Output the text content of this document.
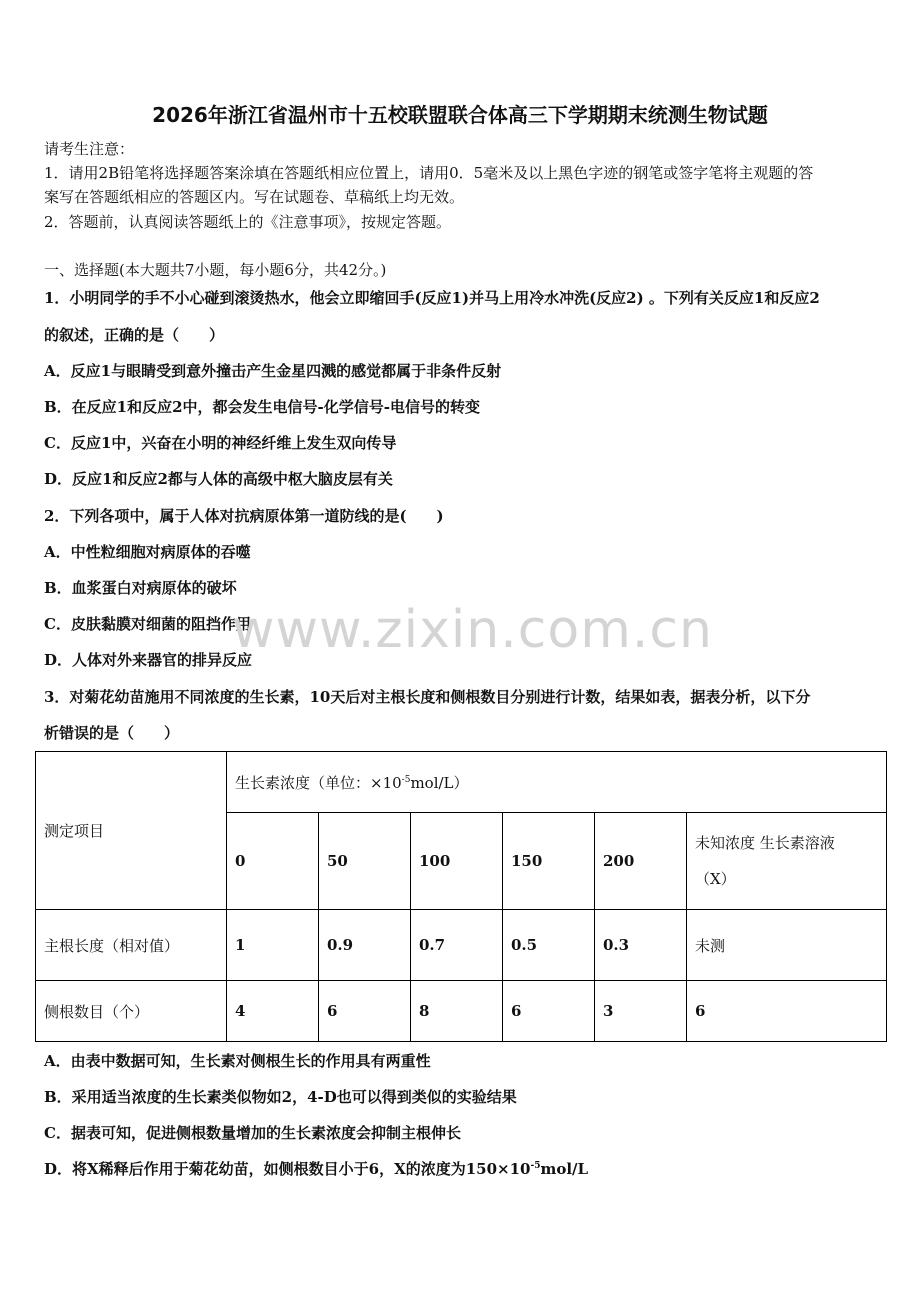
2026年浙江省温州市十五校联盟联合体高三下学期期末统测生物试题
请考生注意：
1．请用2B铅笔将选择题答案涂填在答题纸相应位置上，请用0．5毫米及以上黑色字迹的钢笔或签字笔将主观题的答
案写在答题纸相应的答题区内。写在试题卷、草稿纸上均无效。
2．答题前，认真阅读答题纸上的《注意事项》，按规定答题。
一、选择题(本大题共7小题，每小题6分，共42分。)
1．小明同学的手不小心碰到滚烫热水，他会立即缩回手(反应1)并马上用冷水冲洗(反应2) 。下列有关反应1和反应2
的叙述，正确的是（　　）
A．反应1与眼睛受到意外撞击产生金星四溅的感觉都属于非条件反射
B．在反应1和反应2中，都会发生电信号-化学信号-电信号的转变
C．反应1中，兴奋在小明的神经纤维上发生双向传导
D．反应1和反应2都与人体的高级中枢大脑皮层有关
2．下列各项中，属于人体对抗病原体第一道防线的是(　　)
A．中性粒细胞对病原体的吞噬
B．血浆蛋白对病原体的破坏
C．皮肤黏膜对细菌的阻挡作用
D．人体对外来器官的排异反应
www.zixin.com.cn
3．对菊花幼苗施用不同浓度的生长素，10天后对主根长度和侧根数目分别进行计数，结果如表，据表分析，以下分
析错误的是（　　）
测定项目	生长素浓度（单位：$\times 10^{-5}mol/L$）					
	0	50	100	150	200	未知浓度 生长素溶液
（X）

主根长度（相对值）	1	0.9	0.7	0.5	0.3	未测
侧根数目（个）	4	6	8	6	3	6
A．由表中数据可知，生长素对侧根生长的作用具有两重性
B．采用适当浓度的生长素类似物如2，4-D也可以得到类似的实验结果
C．据表可知，促进侧根数量增加的生长素浓度会抑制主根伸长
D．将X稀释后作用于菊花幼苗，如侧根数目小于6，X的浓度为$150\times 10^{-5}mol/L$
